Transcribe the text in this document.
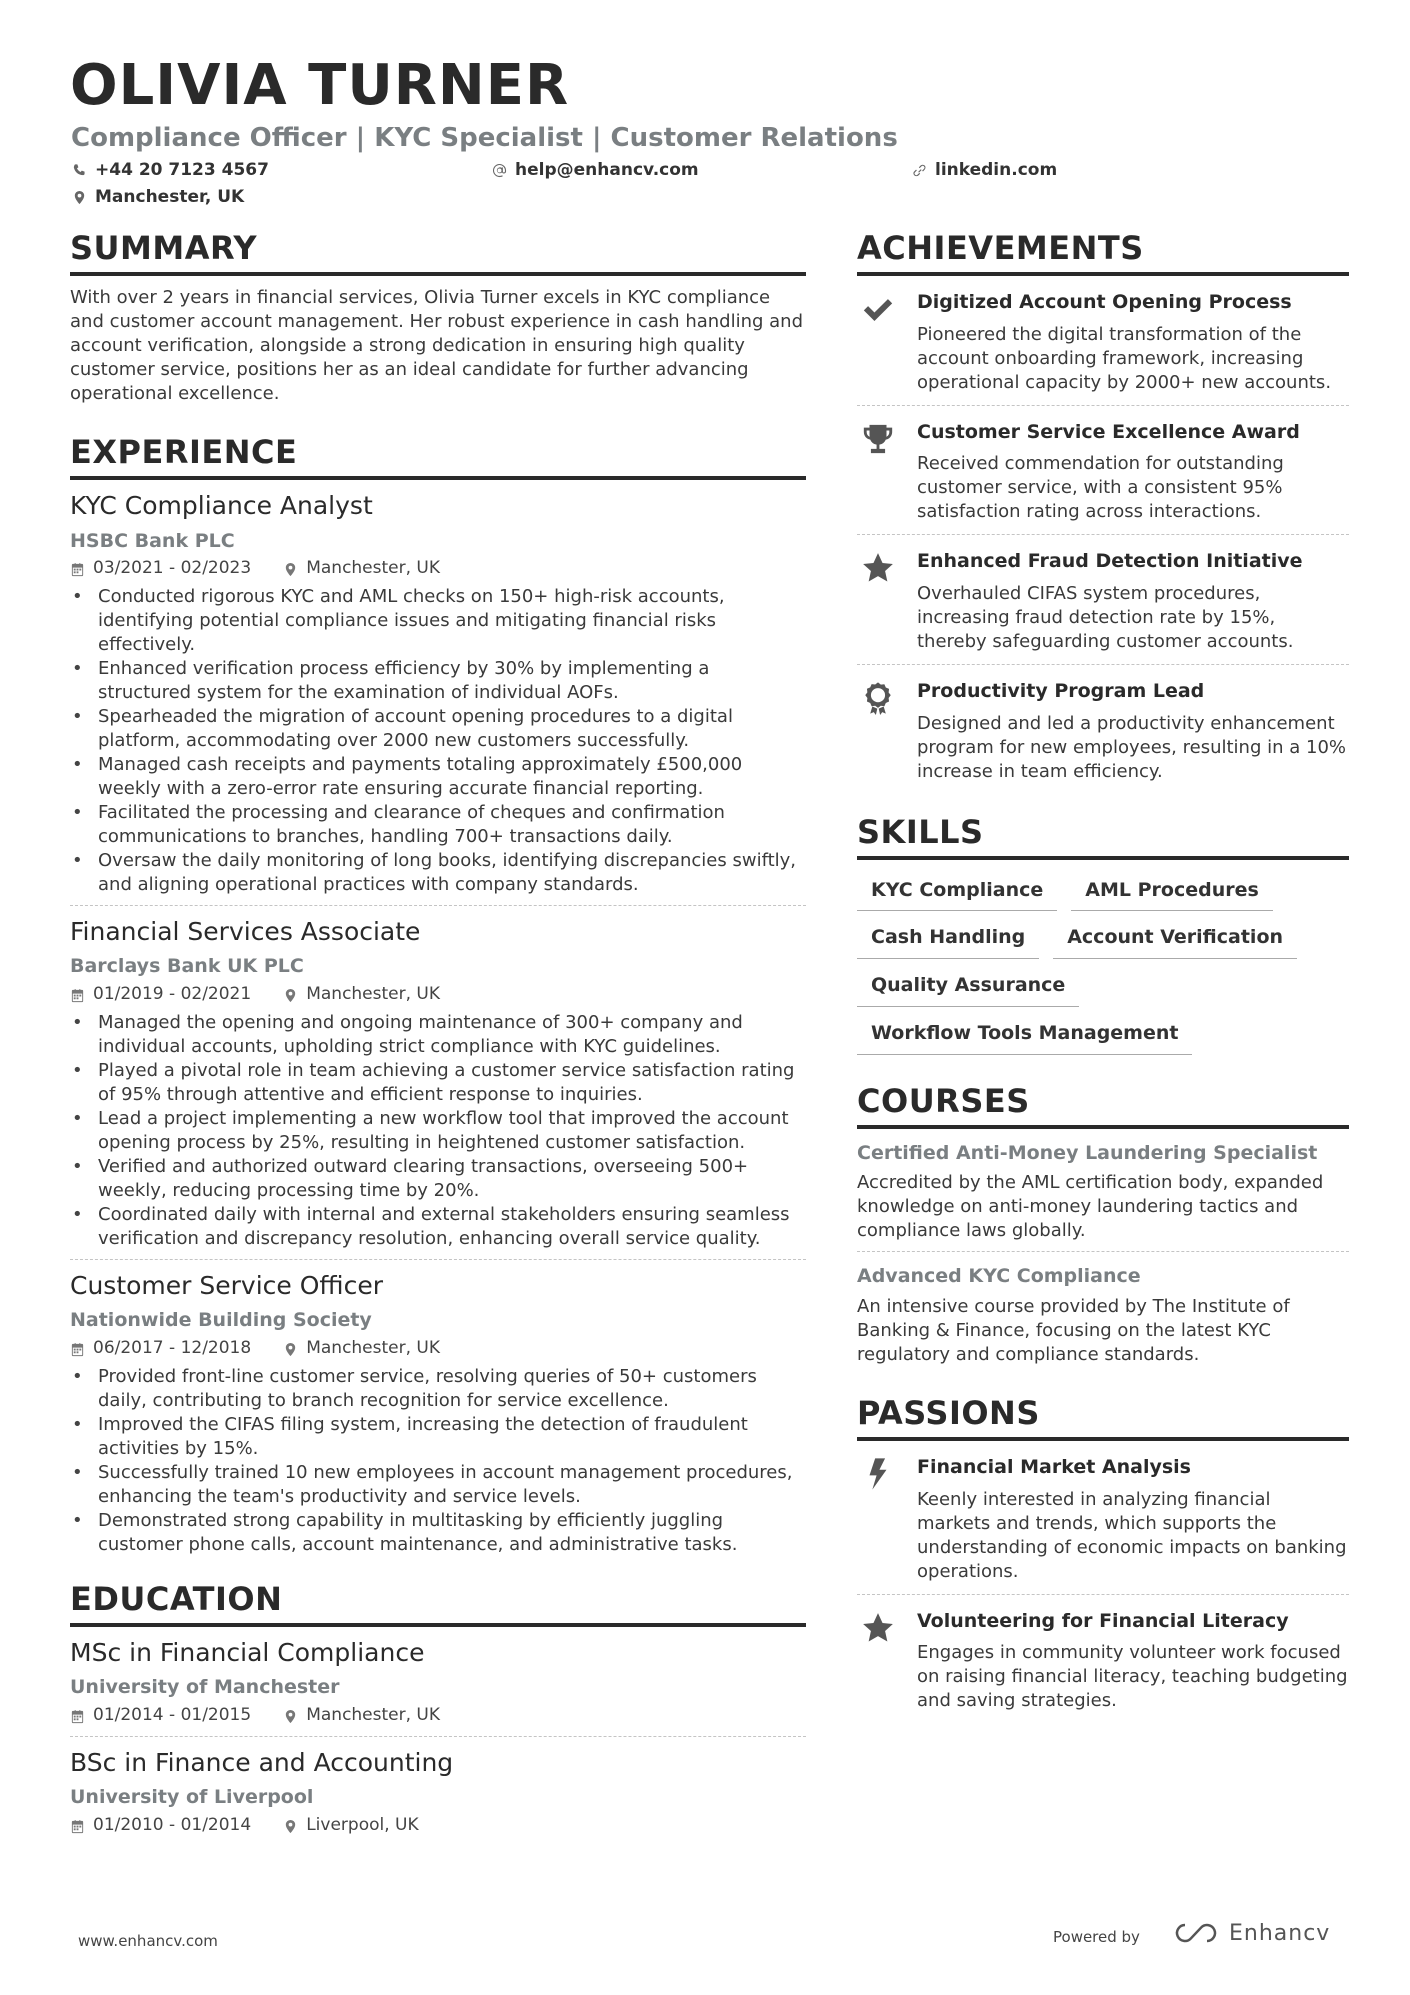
OLIVIA TURNER
Compliance Officer | KYC Specialist | Customer Relations
+44 20 7123 4567	help@enhancv.com	linkedin.com
Manchester, UK
SUMMARY
With over 2 years in financial services, Olivia Turner excels in KYC compliance and customer account management. Her robust experience in cash handling and account verification, alongside a strong dedication in ensuring high quality customer service, positions her as an ideal candidate for further advancing operational excellence.
EXPERIENCE
KYC Compliance Analyst
HSBC Bank PLC
03/2021 - 02/2023	Manchester, UK
• Conducted rigorous KYC and AML checks on 150+ high-risk accounts, identifying potential compliance issues and mitigating financial risks effectively.
• Enhanced verification process efficiency by 30% by implementing a structured system for the examination of individual AOFs.
• Spearheaded the migration of account opening procedures to a digital platform, accommodating over 2000 new customers successfully.
• Managed cash receipts and payments totaling approximately £500,000 weekly with a zero-error rate ensuring accurate financial reporting.
• Facilitated the processing and clearance of cheques and confirmation communications to branches, handling 700+ transactions daily.
• Oversaw the daily monitoring of long books, identifying discrepancies swiftly, and aligning operational practices with company standards.
Financial Services Associate
Barclays Bank UK PLC
01/2019 - 02/2021	Manchester, UK
• Managed the opening and ongoing maintenance of 300+ company and individual accounts, upholding strict compliance with KYC guidelines.
• Played a pivotal role in team achieving a customer service satisfaction rating of 95% through attentive and efficient response to inquiries.
• Lead a project implementing a new workflow tool that improved the account opening process by 25%, resulting in heightened customer satisfaction.
• Verified and authorized outward clearing transactions, overseeing 500+ weekly, reducing processing time by 20%.
• Coordinated daily with internal and external stakeholders ensuring seamless verification and discrepancy resolution, enhancing overall service quality.
Customer Service Officer
Nationwide Building Society
06/2017 - 12/2018	Manchester, UK
• Provided front-line customer service, resolving queries of 50+ customers daily, contributing to branch recognition for service excellence.
• Improved the CIFAS filing system, increasing the detection of fraudulent activities by 15%.
• Successfully trained 10 new employees in account management procedures, enhancing the team's productivity and service levels.
• Demonstrated strong capability in multitasking by efficiently juggling customer phone calls, account maintenance, and administrative tasks.
EDUCATION
MSc in Financial Compliance
University of Manchester
01/2014 - 01/2015	Manchester, UK
BSc in Finance and Accounting
University of Liverpool
01/2010 - 01/2014	Liverpool, UK
ACHIEVEMENTS
Digitized Account Opening Process
Pioneered the digital transformation of the account onboarding framework, increasing operational capacity by 2000+ new accounts.
Customer Service Excellence Award
Received commendation for outstanding customer service, with a consistent 95% satisfaction rating across interactions.
Enhanced Fraud Detection Initiative
Overhauled CIFAS system procedures, increasing fraud detection rate by 15%, thereby safeguarding customer accounts.
Productivity Program Lead
Designed and led a productivity enhancement program for new employees, resulting in a 10% increase in team efficiency.
SKILLS
KYC Compliance	AML Procedures
Cash Handling	Account Verification
Quality Assurance
Workflow Tools Management
COURSES
Certified Anti-Money Laundering Specialist
Accredited by the AML certification body, expanded knowledge on anti-money laundering tactics and compliance laws globally.
Advanced KYC Compliance
An intensive course provided by The Institute of Banking & Finance, focusing on the latest KYC regulatory and compliance standards.
PASSIONS
Financial Market Analysis
Keenly interested in analyzing financial markets and trends, which supports the understanding of economic impacts on banking operations.
Volunteering for Financial Literacy
Engages in community volunteer work focused on raising financial literacy, teaching budgeting and saving strategies.
www.enhancv.com	Powered by	Enhancv
